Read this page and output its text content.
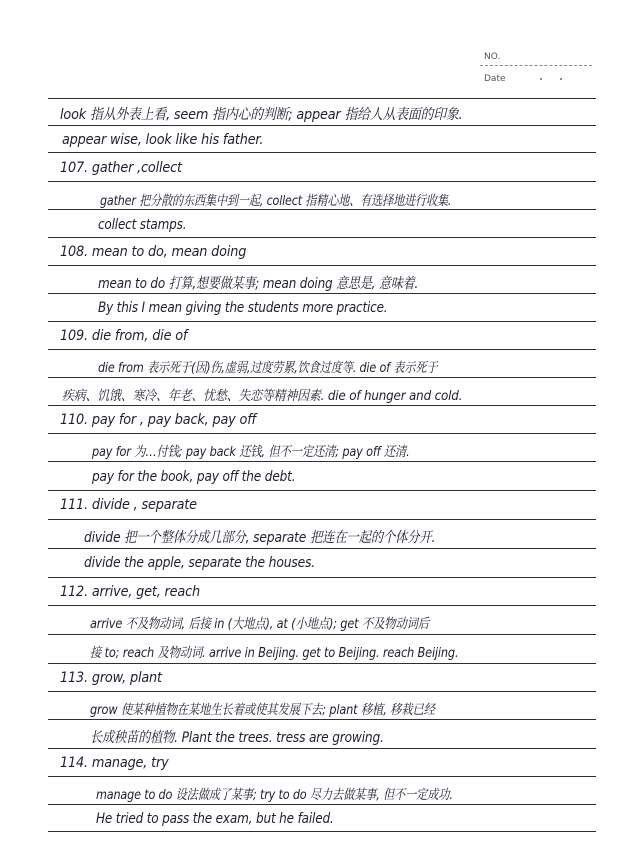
NO.
Date
look 指从外表上看, seem 指内心的判断; appear 指给人从表面的印象.
appear wise, look like his father.
107. gather ,collect
gather 把分散的东西集中到一起, collect 指精心地、有选择地进行收集.
collect stamps.
108. mean to do, mean doing
mean to do 打算,想要做某事; mean doing 意思是, 意味着.
By this I mean giving the students more practice.
109. die from, die of
die from 表示死于(因)伤,虚弱,过度劳累,饮食过度等. die of 表示死于
疾病、饥饿、寒冷、年老、忧愁、失恋等精神因素. die of hunger and cold.
110. pay for , pay back, pay off
pay for 为…付钱; pay back 还钱, 但不一定还清; pay off 还清.
pay for the book, pay off the debt.
111. divide , separate
divide 把一个整体分成几部分, separate 把连在一起的个体分开.
divide the apple, separate the houses.
112. arrive, get, reach
arrive 不及物动词, 后接 in (大地点), at (小地点); get 不及物动词后
接 to; reach 及物动词. arrive in Beijing. get to Beijing. reach Beijing.
113. grow, plant
grow 使某种植物在某地生长着或使其发展下去; plant 移植, 移栽已经
长成秧苗的植物. Plant the trees. tress are growing.
114. manage, try
manage to do 设法做成了某事; try to do 尽力去做某事, 但不一定成功.
He tried to pass the exam, but he failed.
